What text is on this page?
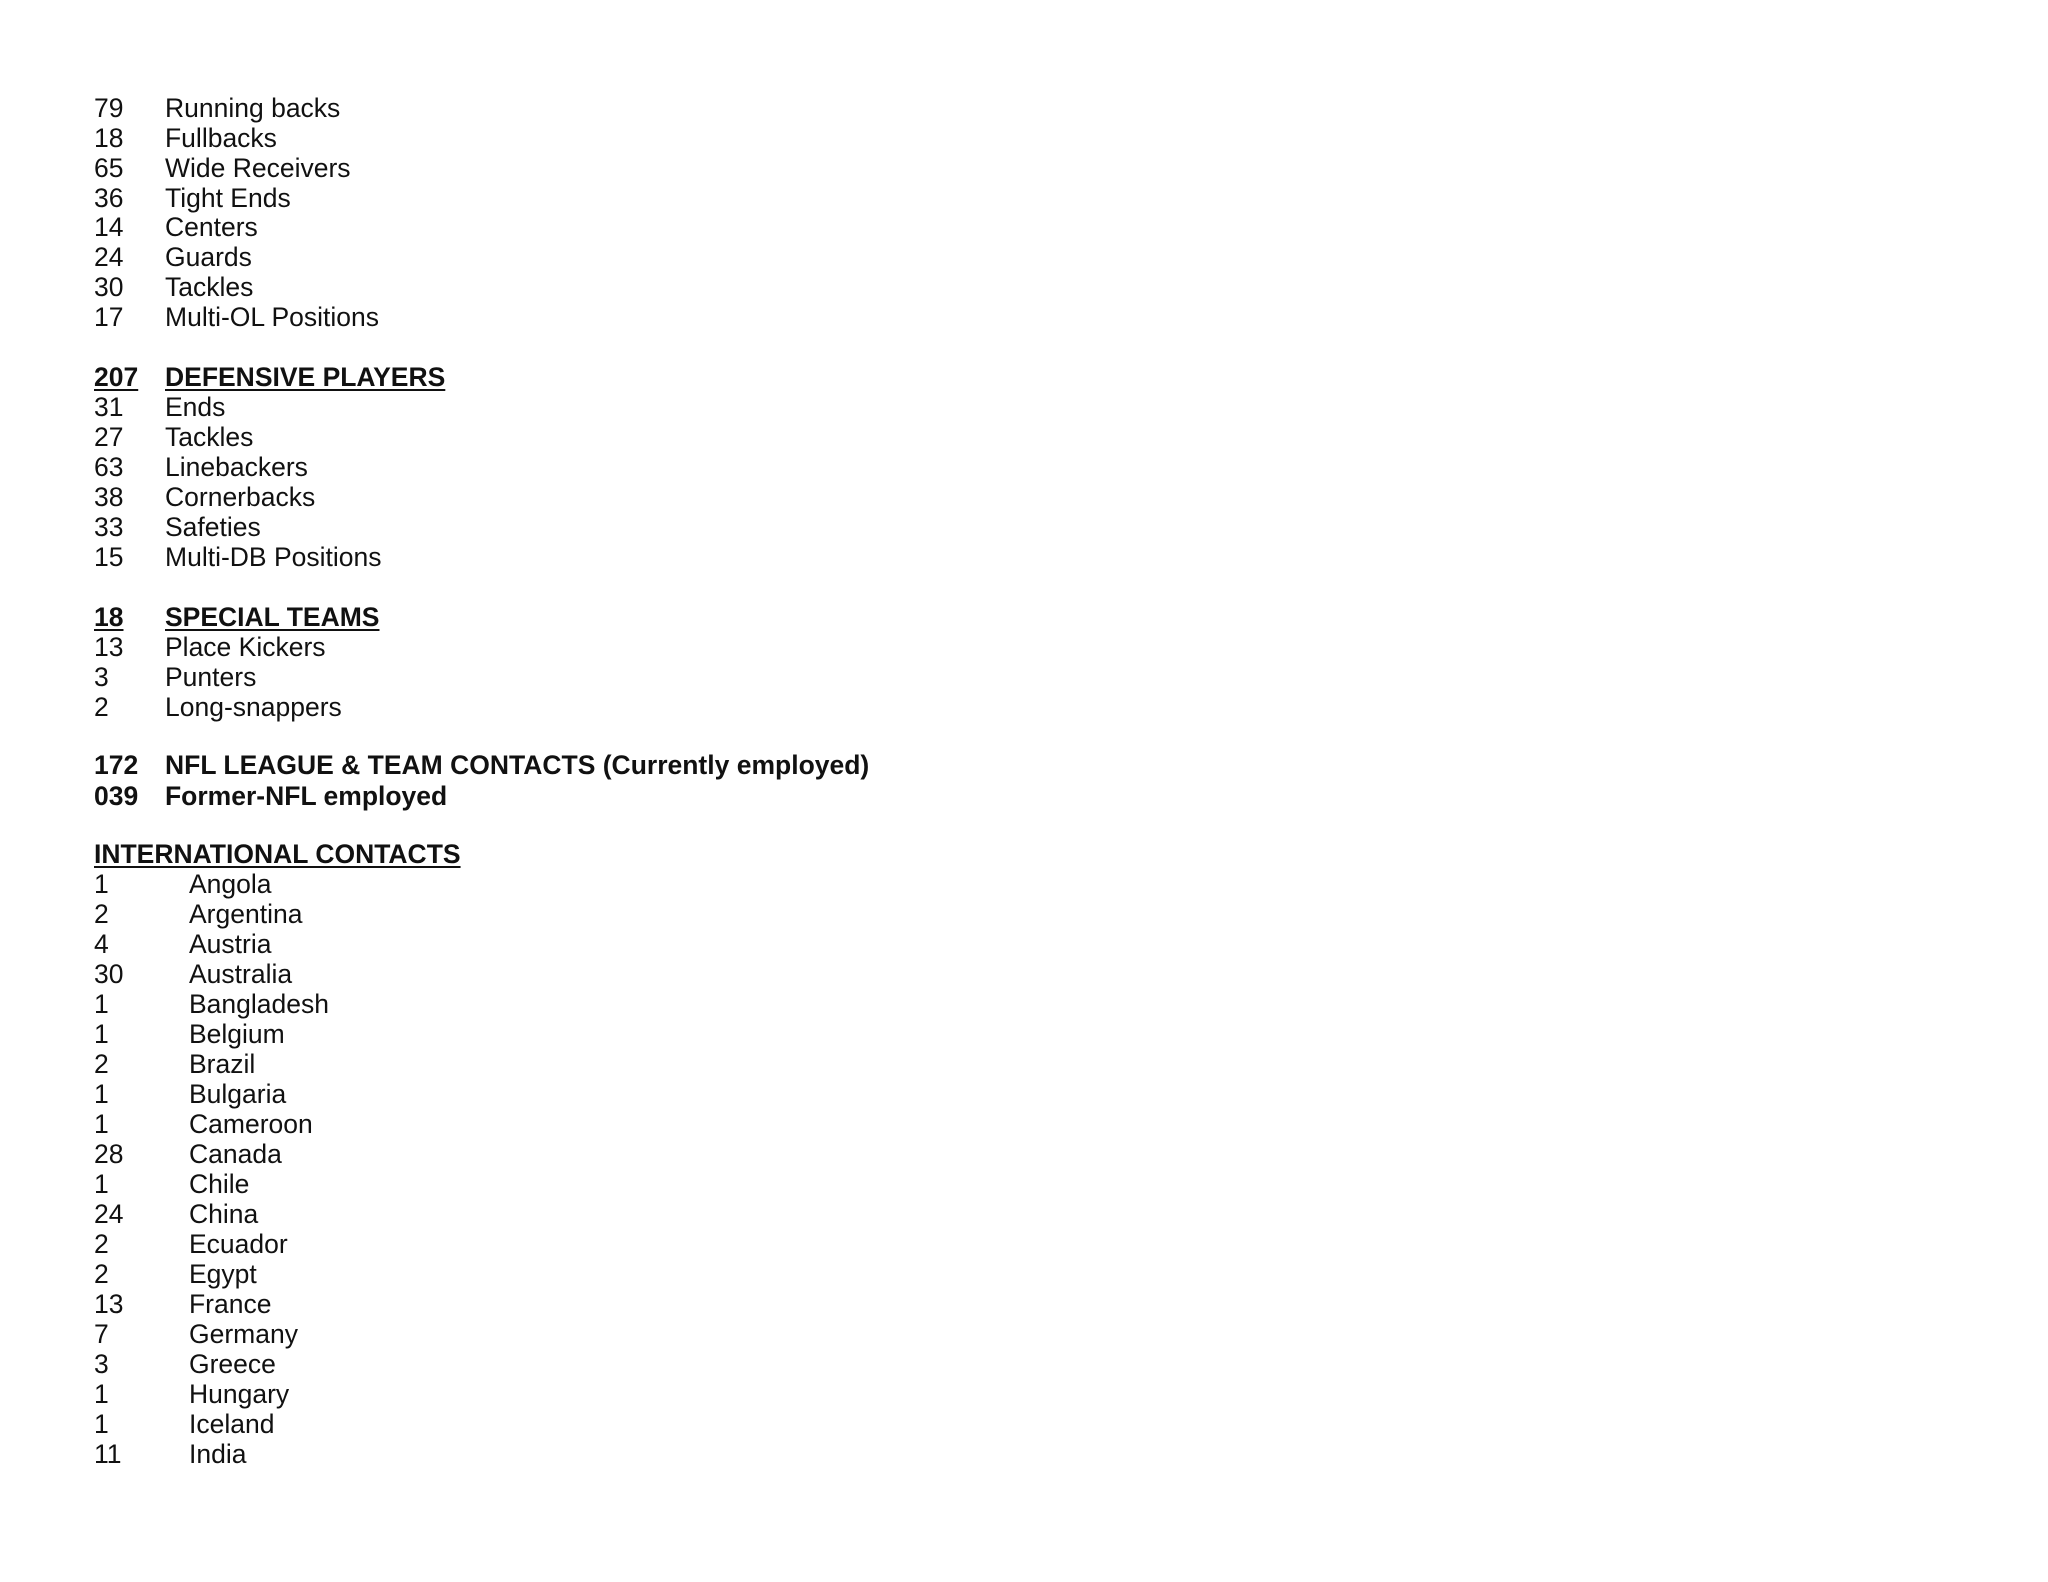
79 Running backs
18 Fullbacks
65 Wide Receivers
36 Tight Ends
14 Centers
24 Guards
30 Tackles
17 Multi-OL Positions
207 DEFENSIVE PLAYERS
31 Ends
27 Tackles
63 Linebackers
38 Cornerbacks
33 Safeties
15 Multi-DB Positions
18 SPECIAL TEAMS
13 Place Kickers
3 Punters
2 Long-snappers
172 NFL LEAGUE & TEAM CONTACTS (Currently employed)
039 Former-NFL employed
INTERNATIONAL CONTACTS
1	Angola
2	Argentina
4	Austria
30 Australia
1	Bangladesh
1	Belgium
2	Brazil
1	Bulgaria
1	Cameroon
28 Canada
1	Chile
24 China
2	Ecuador
2	Egypt
13 France
7	Germany
3	Greece
1	Hungary
1	Iceland
11	India
